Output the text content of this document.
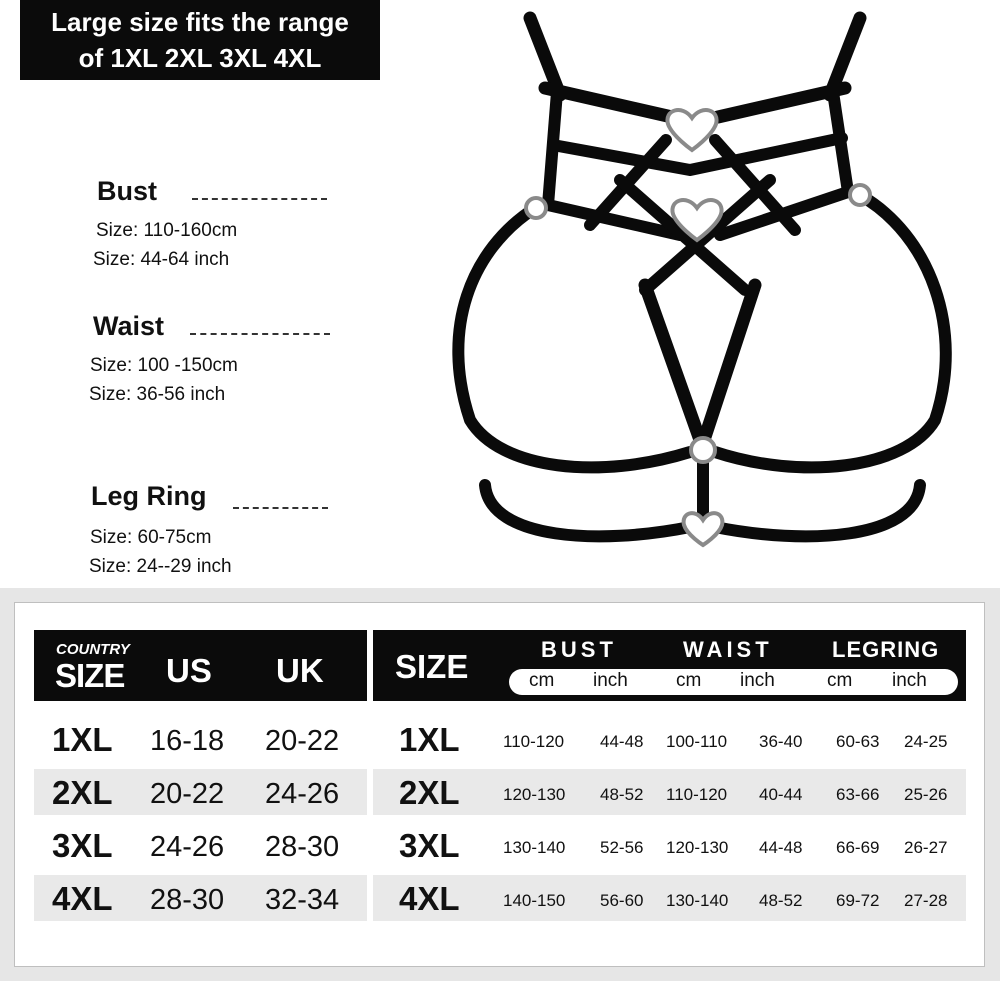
Large size fits the range
of 1XL 2XL 3XL 4XL
Bust
Size: 110-160cm
Size: 44-64 inch
Waist
Size: 100 -150cm
Size: 36-56 inch
Leg Ring
Size: 60-75cm
Size: 24--29 inch
COUNTRY
SIZE US UK SIZE	BUST	WAIST	LEGRING
cm inch	cm inch	cm inch
1XL 16-18 20-22 1XL	110-120 44-48 100-110 36-40 60-63 24-25
2XL 20-22 24-26 2XL	120-130 48-52 110-120 40-44 63-66 25-26
3XL 24-26 28-30 3XL	130-140 52-56 120-130 44-48 66-69 26-27
4XL 28-30 32-34 4XL	140-150 56-60 130-140 48-52 69-72 27-28
